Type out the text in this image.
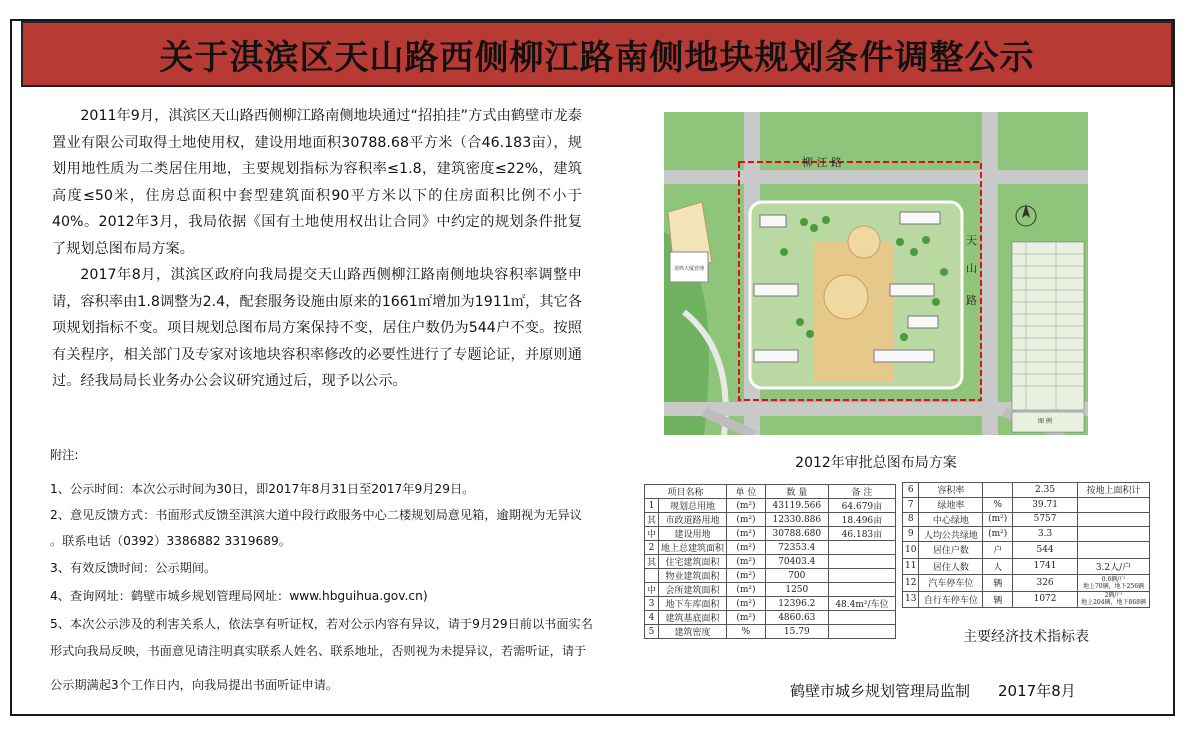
关于淇滨区天山路西侧柳江路南侧地块规划条件调整公示

2011年9月，淇滨区天山路西侧柳江路南侧地块通过“招拍挂”方式由鹤壁市龙泰置业有限公司取得土地使用权，建设用地面积30788.68平方米（合46.183亩），规划用地性质为二类居住用地，主要规划指标为容积率≤1.8，建筑密度≤22%，建筑高度≤50米，住房总面积中套型建筑面积90平方米以下的住房面积比例不小于40%。2012年3月，我局依据《国有土地使用权出让合同》中约定的规划条件批复了规划总图布局方案。

2017年8月，淇滨区政府向我局提交天山路西侧柳江路南侧地块容积率调整申请，容积率由1.8调整为2.4，配套服务设施由原来的1661㎡增加为1911㎡，其它各项规划指标不变。项目规划总图布局方案保持不变，居住户数仍为544户不变。按照有关程序，相关部门及专家对该地块容积率修改的必要性进行了专题论证，并原则通过。经我局局长业务办公会议研究通过后，现予以公示。

附注:
1、公示时间：本次公示时间为30日，即2017年8月31日至2017年9月29日。
2、意见反馈方式：书面形式反馈至淇滨大道中段行政服务中心二楼规划局意见箱，逾期视为无异议
。联系电话（0392）3386882 3319689。
3、有效反馈时间：公示期间。
4、查询网址：鹤壁市城乡规划管理局网址：www.hbguihua.gov.cn)
5、本次公示涉及的利害关系人，依法享有听证权，若对公示内容有异议，请于9月29日前以书面实名
形式向我局反映，书面意见请注明真实联系人姓名、联系地址，否则视为未提异议，若需听证，请于
公示期满起3个工作日内，向我局提出书面听证申请。
龙鸣大厦管理
柳 江 路
天
山
路
图 例
2012年审批总图布局方案
项目名称		单 位	数 量	备 注
1	规划总用地	(m²)	43119.566	64.679亩
其	市政道路用地	(m²)	12330.886	18.496亩
中	建设用地	(m²)	30788.680	46.183亩
2	地上总建筑面积	(m²)	72353.4	
其	住宅建筑面积	(m²)	70403.4	
	物业建筑面积	(m²)	700	
中	会所建筑面积	(m²)	1250	
3	地下车库面积	(m²)	12396.2	48.4m²/车位
4	建筑基底面积	(m²)	4860.63	
5	建筑密度	%	15.79	
6	容积率		2.35	按地上面积计
7	绿地率	%	39.71	
8	中心绿地	(m²)	5757	
9	人均公共绿地	(m²)	3.3	
10	居住户数	户	544	
11	居住人数	人	1741	3.2人/户
12	汽车停车位	辆	326	0.6辆/户
地上70辆，地下256辆

13	自行车停车位	辆	1072	2辆/户
地上204辆，地下868辆
主要经济技术指标表
鹤壁市城乡规划管理局监制 2017年8月
